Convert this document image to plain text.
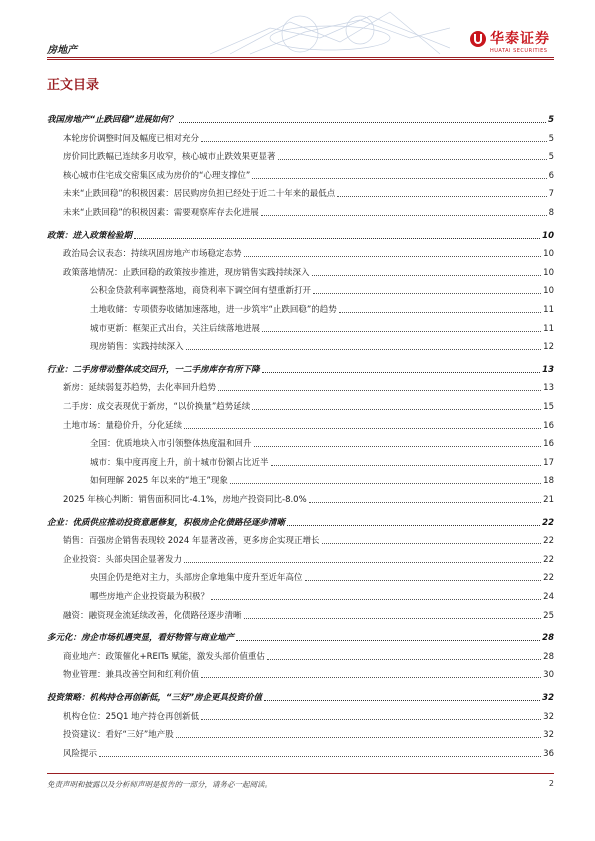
房地产
华泰证券
HUATAI SECURITIES
正文目录
我国房地产“止跌回稳”进展如何？	5
本轮房价调整时间及幅度已相对充分	5
房价同比跌幅已连续多月收窄，核心城市止跌效果更显著	5
核心城市住宅成交密集区成为房价的“心理支撑位”	6
未来“止跌回稳”的积极因素：居民购房负担已经处于近二十年来的最低点	7
未来“止跌回稳”的积极因素：需要观察库存去化进展	8
政策：进入政策检验期	10
政治局会议表态：持续巩固房地产市场稳定态势	10
政策落地情况：止跌回稳的政策按步推进，现房销售实践持续深入	10
公积金贷款利率调整落地，商贷利率下调空间有望重新打开	10
土地收储：专项债券收储加速落地，进一步筑牢“止跌回稳”的趋势	11
城市更新：框架正式出台，关注后续落地进展	11
现房销售：实践持续深入	12
行业：二手房带动整体成交回升，一二手房库存有所下降	13
新房：延续弱复苏趋势，去化率回升趋势	13
二手房：成交表现优于新房，“以价换量”趋势延续	15
土地市场：量稳价升，分化延续	16
全国：优质地块入市引领整体热度温和回升	16
城市：集中度再度上升，前十城市份额占比近半	17
如何理解 2025 年以来的“地王”现象	18
2025 年核心判断：销售面积同比-4.1%，房地产投资同比-8.0%	21
企业：优质供应推动投资意愿修复，积极房企化债路径逐步清晰	22
销售：百强房企销售表现较 2024 年显著改善，更多房企实现正增长	22
企业投资：头部央国企显著发力	22
央国企仍是绝对主力，头部房企拿地集中度升至近年高位	22
哪些房地产企业投资最为积极？	24
融资：融资现金流延续改善，化债路径逐步清晰	25
多元化：房企市场机遇突显，看好物管与商业地产	28
商业地产：政策催化+REITs 赋能，激发头部价值重估	28
物业管理：兼具改善空间和红利价值	30
投资策略：机构持仓再创新低，“三好”房企更具投资价值	32
机构仓位：25Q1 地产持仓再创新低	32
投资建议：看好“三好”地产股	32
风险提示	36
免责声明和披露以及分析师声明是报告的一部分，请务必一起阅读。	2
